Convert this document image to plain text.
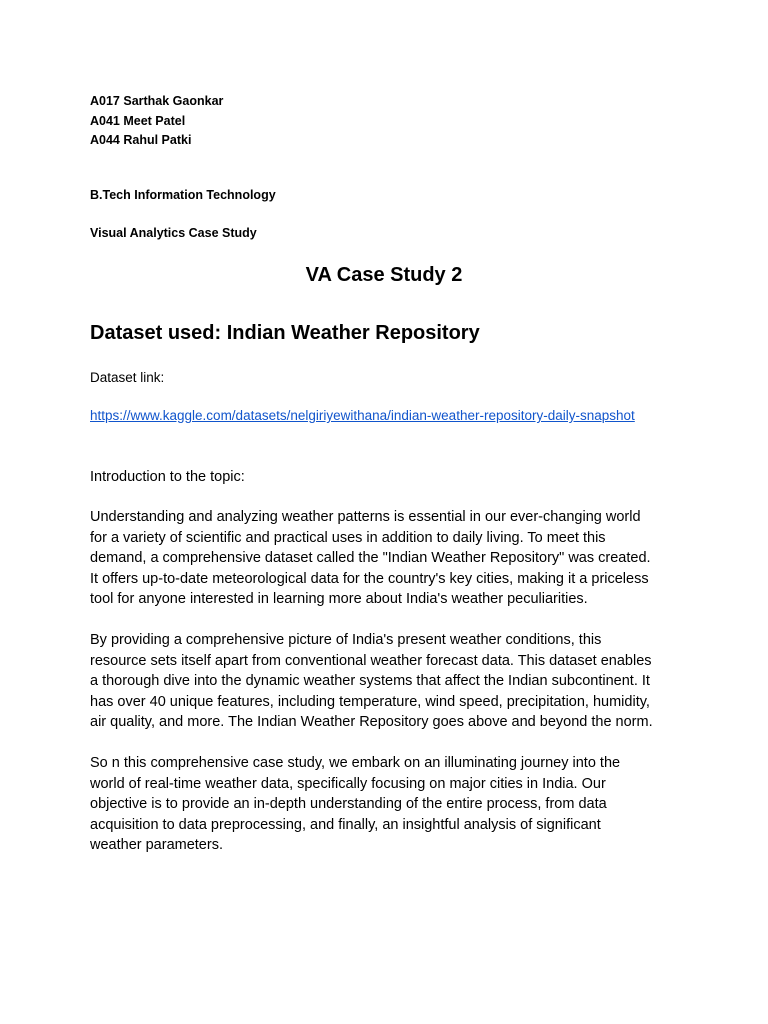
A017 Sarthak Gaonkar
A041 Meet Patel
A044 Rahul Patki
B.Tech Information Technology
Visual Analytics Case Study
VA Case Study 2
Dataset used: Indian Weather Repository
Dataset link:
https://www.kaggle.com/datasets/nelgiriyewithana/indian-weather-repository-daily-snapshot
Introduction to the topic:

Understanding and analyzing weather patterns is essential in our ever-changing world
for a variety of scientific and practical uses in addition to daily living. To meet this
demand, a comprehensive dataset called the "Indian Weather Repository" was created.
It offers up-to-date meteorological data for the country's key cities, making it a priceless
tool for anyone interested in learning more about India's weather peculiarities.

By providing a comprehensive picture of India's present weather conditions, this
resource sets itself apart from conventional weather forecast data. This dataset enables
a thorough dive into the dynamic weather systems that affect the Indian subcontinent. It
has over 40 unique features, including temperature, wind speed, precipitation, humidity,
air quality, and more. The Indian Weather Repository goes above and beyond the norm.

So n this comprehensive case study, we embark on an illuminating journey into the
world of real-time weather data, specifically focusing on major cities in India. Our
objective is to provide an in-depth understanding of the entire process, from data
acquisition to data preprocessing, and finally, an insightful analysis of significant
weather parameters.
